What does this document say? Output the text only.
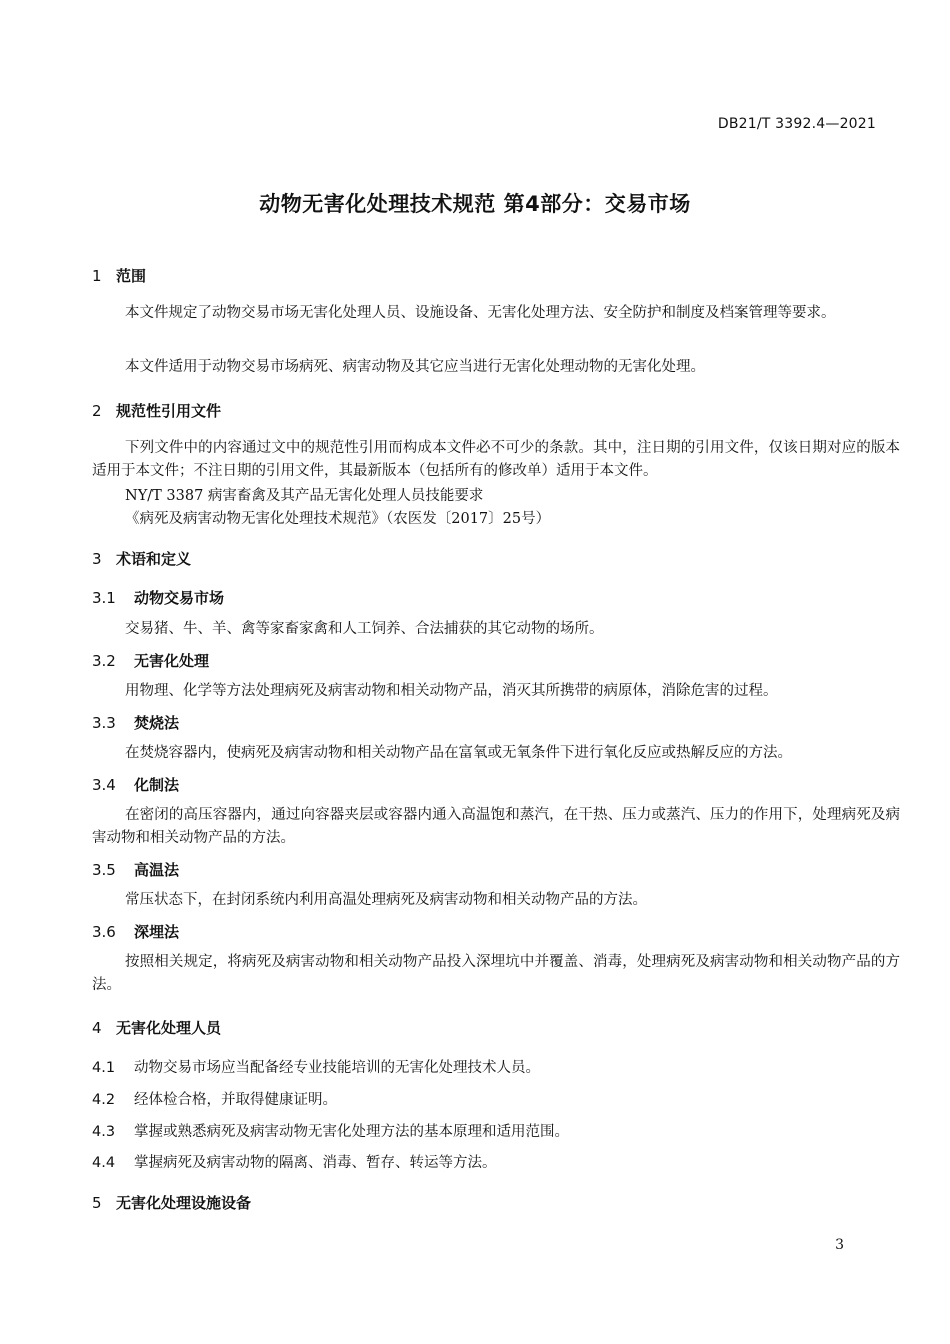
DB21/T 3392.4—2021
动物无害化处理技术规范 第4部分：交易市场
1 范围
本文件规定了动物交易市场无害化处理人员、设施设备、无害化处理方法、安全防护和制度及档案管理等要求。
本文件适用于动物交易市场病死、病害动物及其它应当进行无害化处理动物的无害化处理。
2 规范性引用文件
下列文件中的内容通过文中的规范性引用而构成本文件必不可少的条款。其中，注日期的引用文件，仅该日期对应的版本适用于本文件；不注日期的引用文件，其最新版本（包括所有的修改单）适用于本文件。
NY/T 3387 病害畜禽及其产品无害化处理人员技能要求
《病死及病害动物无害化处理技术规范》（农医发〔2017〕25号）
3 术语和定义
3.1 动物交易市场
交易猪、牛、羊、禽等家畜家禽和人工饲养、合法捕获的其它动物的场所。
3.2 无害化处理
用物理、化学等方法处理病死及病害动物和相关动物产品，消灭其所携带的病原体，消除危害的过程。
3.3 焚烧法
在焚烧容器内，使病死及病害动物和相关动物产品在富氧或无氧条件下进行氧化反应或热解反应的方法。
3.4 化制法
在密闭的高压容器内，通过向容器夹层或容器内通入高温饱和蒸汽，在干热、压力或蒸汽、压力的作用下，处理病死及病害动物和相关动物产品的方法。
3.5 高温法
常压状态下，在封闭系统内利用高温处理病死及病害动物和相关动物产品的方法。
3.6 深埋法
按照相关规定，将病死及病害动物和相关动物产品投入深埋坑中并覆盖、消毒，处理病死及病害动物和相关动物产品的方法。
4 无害化处理人员
4.1 动物交易市场应当配备经专业技能培训的无害化处理技术人员。
4.2 经体检合格，并取得健康证明。
4.3 掌握或熟悉病死及病害动物无害化处理方法的基本原理和适用范围。
4.4 掌握病死及病害动物的隔离、消毒、暂存、转运等方法。
5 无害化处理设施设备
3
